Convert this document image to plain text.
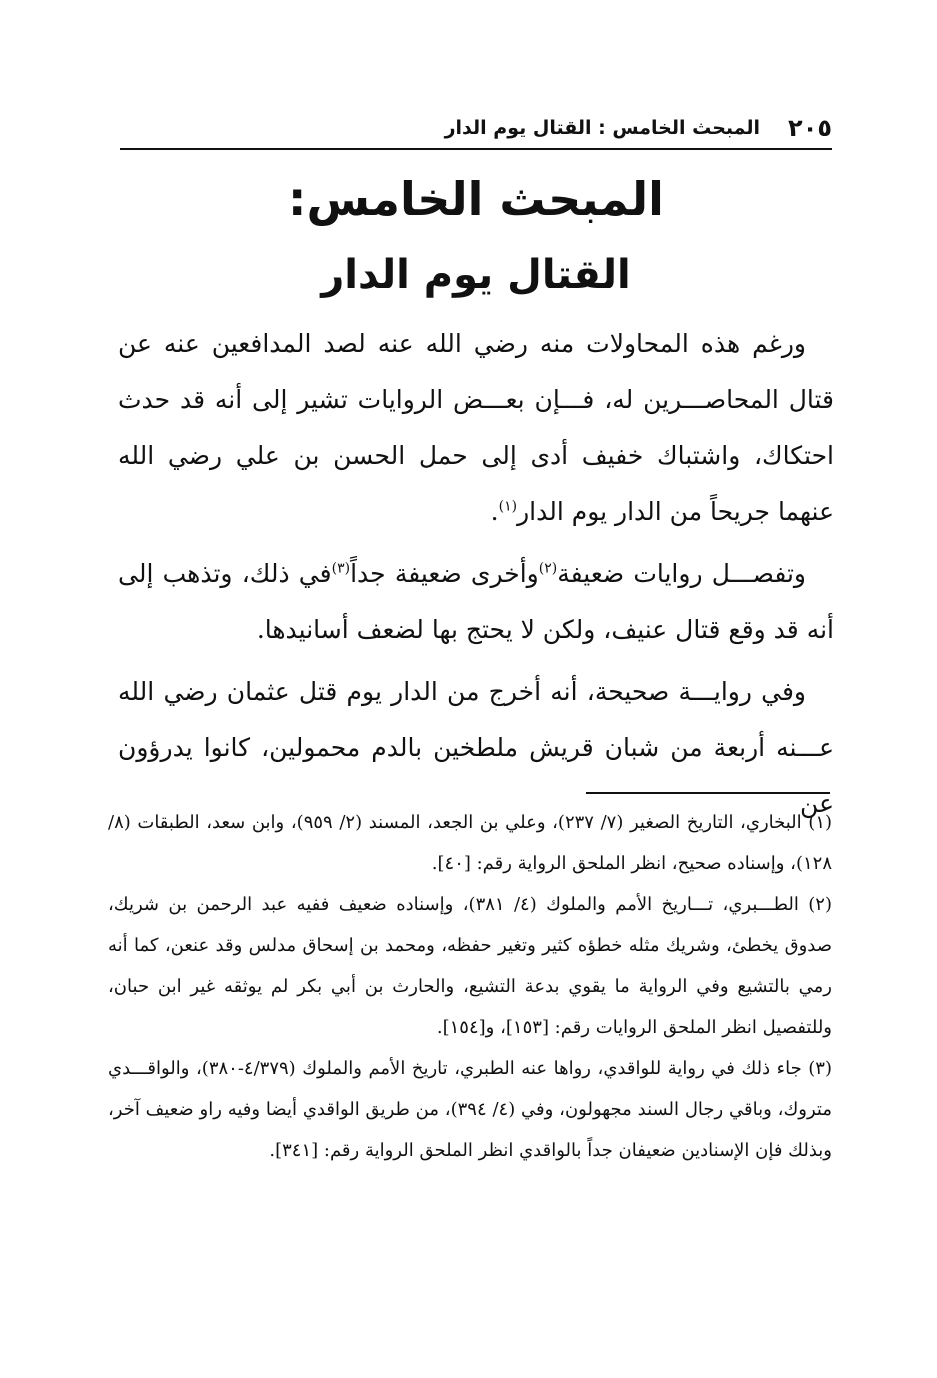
٢٠٥
المبحث الخامس : القتال يوم الدار
المبحث الخامس:
القتال يوم الدار

ورغم هذه المحاولات منه رضي الله عنه لصد المدافعين عنه عن قتال المحاصـــرين له، فـــإن بعـــض الروايات تشير إلى أنه قد حدث احتكاك، واشتباك خفيف أدى إلى حمل الحسن بن علي رضي الله عنهما جريحاً من الدار يوم الدار$^{(١)}$.

وتفصـــل روايات ضعيفة$^{(٢)}$وأخرى ضعيفة جداً$^{(٣)}$في ذلك، وتذهب إلى أنه قد وقع قتال عنيف، ولكن لا يحتج بها لضعف أسانيدها.

وفي روايـــة صحيحة، أنه أخرج من الدار يوم قتل عثمان رضي الله عـــنه أربعة من شبان قريش ملطخين بالدم محمولين، كانوا يدرؤون عن

(١) البخاري، التاريخ الصغير (٧/ ٢٣٧)، وعلي بن الجعد، المسند (٢/ ٩٥٩)، وابن سعد، الطبقات (٨/ ١٢٨)، وإسناده صحيح، انظر الملحق الرواية رقم: [٤٠].

(٢) الطـــبري، تـــاريخ الأمم والملوك (٤/ ٣٨١)، وإسناده ضعيف ففيه عبد الرحمن بن شريك، صدوق يخطئ، وشريك مثله خطؤه كثير وتغير حفظه، ومحمد بن إسحاق مدلس وقد عنعن، كما أنه رمي بالتشيع وفي الرواية ما يقوي بدعة التشيع، والحارث بن أبي بكر لم يوثقه غير ابن حبان، وللتفصيل انظر الملحق الروايات رقم: [١٥٣]، و[١٥٤].

(٣) جاء ذلك في رواية للواقدي، رواها عنه الطبري، تاريخ الأمم والملوك (٤/٣٧٩-٣٨٠)، والواقـــدي متروك، وباقي رجال السند مجهولون، وفي (٤/ ٣٩٤)، من طريق الواقدي أيضا وفيه راو ضعيف آخر، وبذلك فإن الإسنادين ضعيفان جداً بالواقدي انظر الملحق الرواية رقم: [٣٤١].
